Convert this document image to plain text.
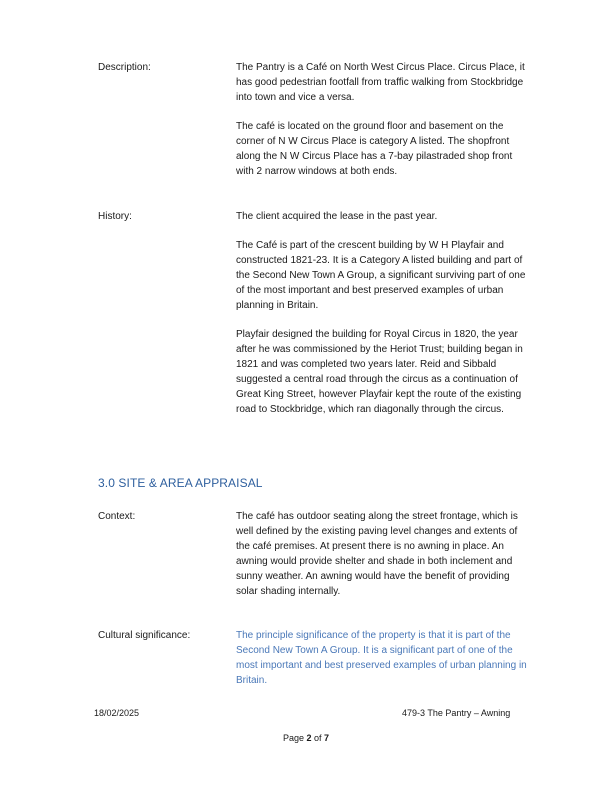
Description:	The Pantry is a Café on North West Circus Place. Circus Place, it has good pedestrian footfall from traffic walking from Stockbridge into town and vice a versa.

The café is located on the ground floor and basement on the corner of N W Circus Place is category A listed. The shopfront along the N W Circus Place has a 7-bay pilastraded shop front with 2 narrow windows at both ends.

History:	The client acquired the lease in the past year.

The Café is part of the crescent building by W H Playfair and constructed 1821-23. It is a Category A listed building and part of the Second New Town A Group, a significant surviving part of one of the most important and best preserved examples of urban planning in Britain.

Playfair designed the building for Royal Circus in 1820, the year after he was commissioned by the Heriot Trust; building began in 1821 and was completed two years later. Reid and Sibbald suggested a central road through the circus as a continuation of Great King Street, however Playfair kept the route of the existing road to Stockbridge, which ran diagonally through the circus.

3.0 SITE & AREA APPRAISAL
Context:	The café has outdoor seating along the street frontage, which is well defined by the existing paving level changes and extents of the café premises. At present there is no awning in place. An awning would provide shelter and shade in both inclement and sunny weather. An awning would have the benefit of providing solar shading internally.

Cultural significance:	The principle significance of the property is that it is part of the Second New Town A Group. It is a significant part of one of the most important and best preserved examples of urban planning in Britain.

18/02/2025	479-3 The Pantry – Awning
Page 2 of 7
